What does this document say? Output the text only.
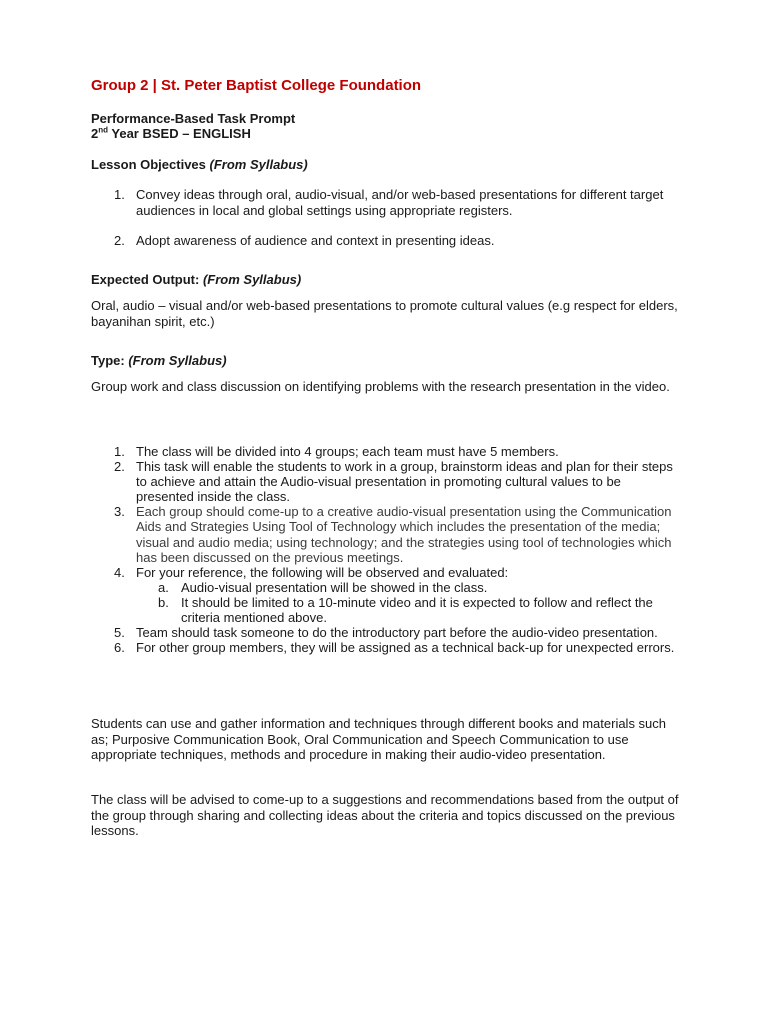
Group 2 | St. Peter Baptist College Foundation
Performance-Based Task Prompt
2nd Year BSED – ENGLISH
Lesson Objectives (From Syllabus)
1. Convey ideas through oral, audio-visual, and/or web-based presentations for different target audiences in local and global settings using appropriate registers.
2. Adopt awareness of audience and context in presenting ideas.
Expected Output: (From Syllabus)
Oral, audio – visual and/or web-based presentations to promote cultural values (e.g respect for elders, bayanihan spirit, etc.)
Type: (From Syllabus)
Group work and class discussion on identifying problems with the research presentation in the video.
1. The class will be divided into 4 groups; each team must have 5 members.
2. This task will enable the students to work in a group, brainstorm ideas and plan for their steps to achieve and attain the Audio-visual presentation in promoting cultural values to be presented inside the class.
3. Each group should come-up to a creative audio-visual presentation using the Communication Aids and Strategies Using Tool of Technology which includes the presentation of the media; visual and audio media; using technology; and the strategies using tool of technologies which has been discussed on the previous meetings.
4. For your reference, the following will be observed and evaluated:
a. Audio-visual presentation will be showed in the class.
b. It should be limited to a 10-minute video and it is expected to follow and reflect the criteria mentioned above.
5. Team should task someone to do the introductory part before the audio-video presentation.
6. For other group members, they will be assigned as a technical back-up for unexpected errors.
Students can use and gather information and techniques through different books and materials such as; Purposive Communication Book, Oral Communication and Speech Communication to use appropriate techniques, methods and procedure in making their audio-video presentation.
The class will be advised to come-up to a suggestions and recommendations based from the output of the group through sharing and collecting ideas about the criteria and topics discussed on the previous lessons.
